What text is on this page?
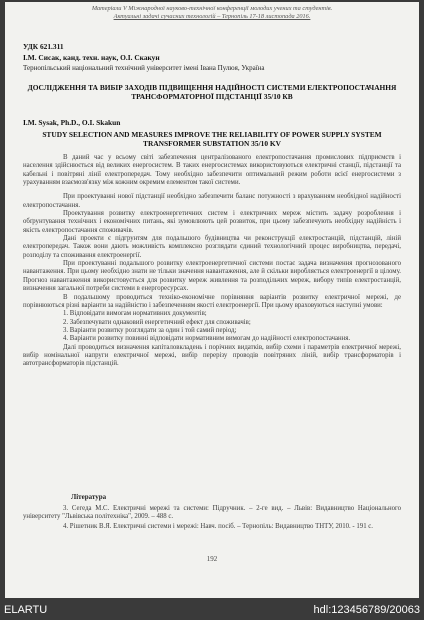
Матеріали V Міжнародної науково-технічної конференції молодих учених та студентів.
Актуальні задачі сучасних технологій – Тернопіль 17-18 листопада 2016.
УДК 621.311
І.М. Сисак, канд. техн. наук, О.І. Скакун
Тернопільський національний технічний університет імені Івана Пулюя, Україна
ДОСЛІДЖЕННЯ ТА ВИБІР ЗАХОДІВ ПІДВИЩЕННЯ НАДІЙНОСТІ СИСТЕМИ ЕЛЕКТРОПОСТАЧАННЯ ТРАНСФОРМАТОРНОЇ ПІДСТАНЦІЇ 35/10 КВ
I.M. Sysak, Ph.D., O.I. Skakun
STUDY SELECTION AND MEASURES IMPROVE THE RELIABILITY OF POWER SUPPLY SYSTEM TRANSFORMER SUBSTATION 35/10 KV

В даний час у всьому світі забезпечення централізованого електропостачання промислових підприємств і населення здійснюється від великих енергосистем. В таких енергосистемах використовуються електричні станції, підстанції та кабельні і повітряні лінії електропередач. Тому необхідно забезпечити оптимальний режим роботи всієї енергосистеми з урахуванням взаємозв'язку між кожним окремим елементом такої системи.

При проектуванні нової підстанції необхідно забезпечити баланс потужності з врахуванням необхідної надійності електропостачання.

Проектування розвитку електроенергетичних систем і електричних мереж містить задачу розроблення і обґрунтування технічних і економічних питань, які зумовлюють цей розвиток, при цьому забезпечують необхідну надійність і якість електропостачання споживачів.

Дані проекти є підгрунтям для подальшого будівництва чи реконструкції електростанцій, підстанцій, ліній електропередач. Також вони дають можливість комплексно розглядати єдиний технологічний процес виробництва, передачі, розподілу та споживання електроенергії.

При проектуванні подальшого розвитку електроенергетичної системи постає задача визначення прогнозованого навантаження. При цьому необхідно знати не тільки значення навантаження, але й скільки виробляється електроенергії в цілому. Прогноз навантаження використовується для розвитку мереж живлення та розподільчих мереж, вибору типів електростанцій, визначення загальної потреби системи в енергоресурсах.

В подальшому проводиться техніко-економічне порівняння варіантів розвитку електричної мережі, де порівнюються різні варіанти за надійністю і забезпеченням якості електроенергії. При цьому враховуються наступні умови:

1. Відповідати вимогам нормативних документів;
2. Забезпечувати однаковий енергетичний ефект для споживачів;
3. Варіанти розвитку розглядати за один і той самий період;
4. Варіанти розвитку повинні відповідати нормативним вимогам до надійності електропостачання.

Далі проводиться визначення капіталовкладень і порічних видатків, вибір схеми і параметрів електричної мережі, вибір номінальної напруги електричної мережі, вибір перерізу проводів повітряних ліній, вибір трансформаторів і автотрансформаторів підстанцій.

Література

3. Сегеда М.С. Електричні мережі та системи: Підручник. – 2-ге вид. – Львів: Видавництво Національного університету "Львівська політехніка", 2009. – 488 с.

4. Рішетник В.Я. Електричні системи і мережі: Навч. посіб. – Тернопіль: Видавництво ТНТУ, 2010. - 191 с.

192
ELARTU	hdl:123456789/20063
